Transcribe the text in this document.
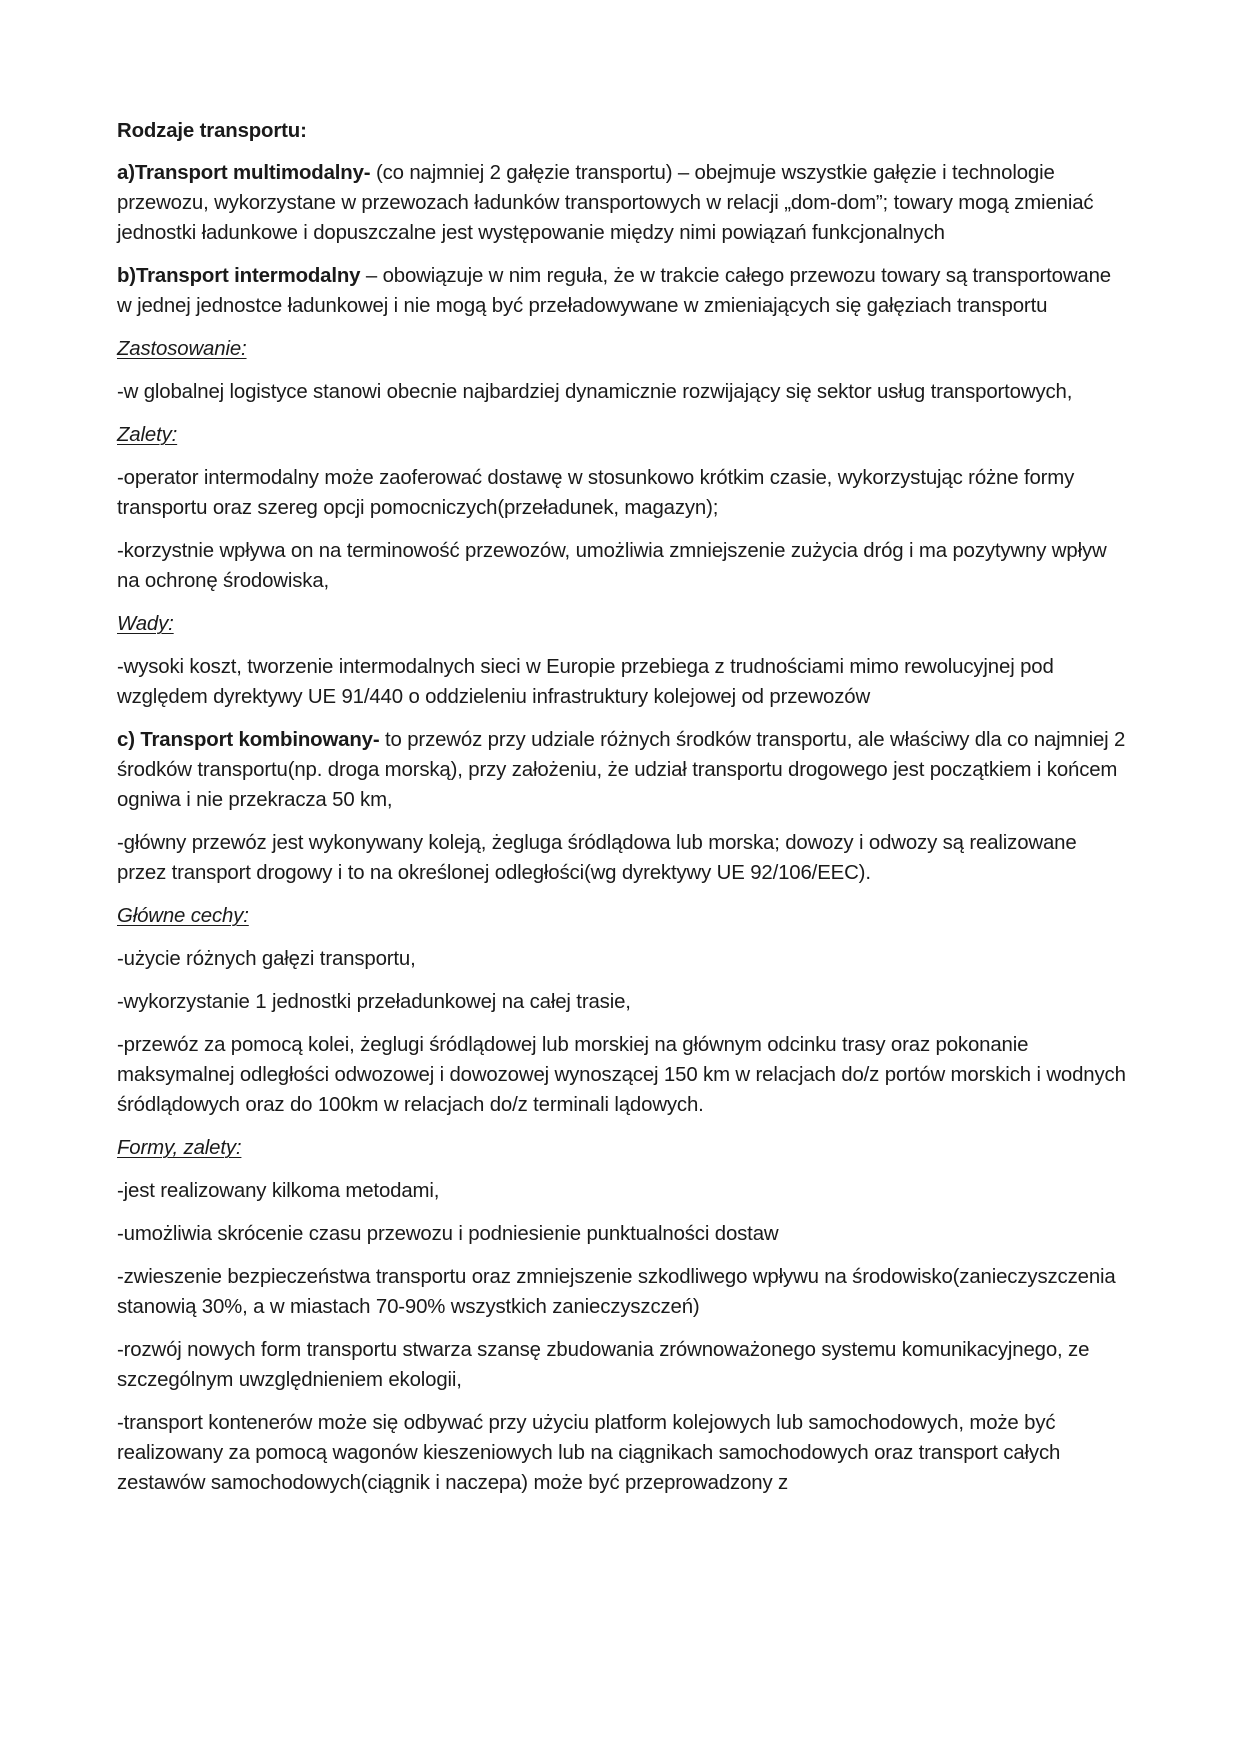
Rodzaje transportu:

a)Transport multimodalny- (co najmniej 2 gałęzie transportu) – obejmuje wszystkie gałęzie i technologie przewozu, wykorzystane w przewozach ładunków transportowych w relacji „dom-dom”; towary mogą zmieniać jednostki ładunkowe i dopuszczalne jest występowanie między nimi powiązań funkcjonalnych

b)Transport intermodalny – obowiązuje w nim reguła, że w trakcie całego przewozu towary są transportowane w jednej jednostce ładunkowej i nie mogą być przeładowywane w zmieniających się gałęziach transportu

Zastosowanie:

-w globalnej logistyce stanowi obecnie najbardziej dynamicznie rozwijający się sektor usług transportowych,

Zalety:

-operator intermodalny może zaoferować dostawę w stosunkowo krótkim czasie, wykorzystując różne formy transportu oraz szereg opcji pomocniczych(przeładunek, magazyn);

-korzystnie wpływa on na terminowość przewozów, umożliwia zmniejszenie zużycia dróg i ma pozytywny wpływ na ochronę środowiska,

Wady:

-wysoki koszt, tworzenie intermodalnych sieci w Europie przebiega z trudnościami mimo rewolucyjnej pod względem dyrektywy UE 91/440 o oddzieleniu infrastruktury kolejowej od przewozów

c) Transport kombinowany- to przewóz przy udziale różnych środków transportu, ale właściwy dla co najmniej 2 środków transportu(np. droga morską), przy założeniu, że udział transportu drogowego jest początkiem i końcem ogniwa i nie przekracza 50 km,

-główny przewóz jest wykonywany koleją, żegluga śródlądowa lub morska; dowozy i odwozy są realizowane przez transport drogowy i to na określonej odległości(wg dyrektywy UE 92/106/EEC).

Główne cechy:

-użycie różnych gałęzi transportu,

-wykorzystanie 1 jednostki przeładunkowej na całej trasie,

-przewóz za pomocą kolei, żeglugi śródlądowej lub morskiej na głównym odcinku trasy oraz pokonanie maksymalnej odległości odwozowej i dowozowej wynoszącej 150 km w relacjach do/z portów morskich i wodnych śródlądowych oraz do 100km w relacjach do/z terminali lądowych.

Formy, zalety:

-jest realizowany kilkoma metodami,

-umożliwia skrócenie czasu przewozu i podniesienie punktualności dostaw

-zwieszenie bezpieczeństwa transportu oraz zmniejszenie szkodliwego wpływu na środowisko(zanieczyszczenia stanowią 30%, a w miastach 70-90% wszystkich zanieczyszczeń)

-rozwój nowych form transportu stwarza szansę zbudowania zrównoważonego systemu komunikacyjnego, ze szczególnym uwzględnieniem ekologii,

-transport kontenerów może się odbywać przy użyciu platform kolejowych lub samochodowych, może być realizowany za pomocą wagonów kieszeniowych lub na ciągnikach samochodowych oraz transport całych zestawów samochodowych(ciągnik i naczepa) może być przeprowadzony z
